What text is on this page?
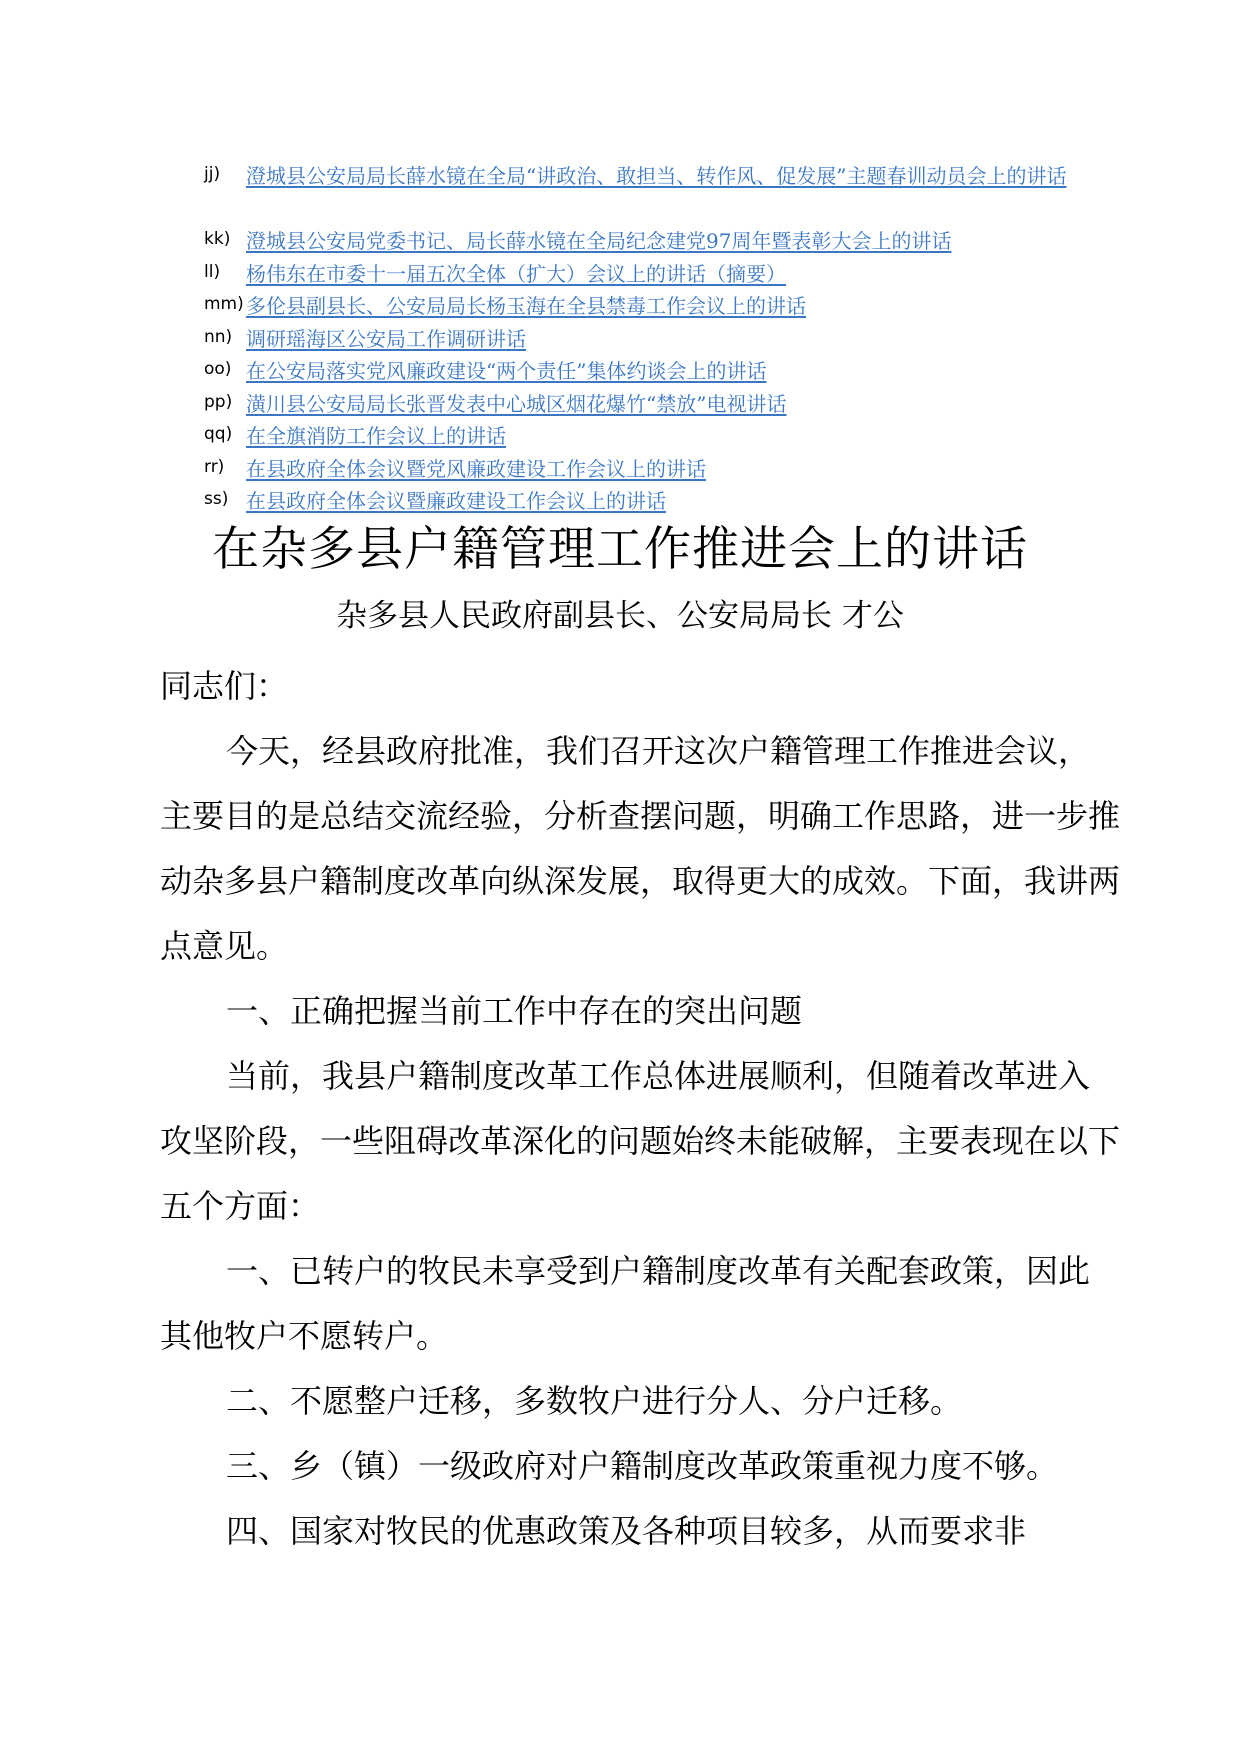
jj) 澄城县公安局局长薛水镜在全局“讲政治、敢担当、转作风、促发展”主题春训动员会上的讲话
kk) 澄城县公安局党委书记、局长薛水镜在全局纪念建党97周年暨表彰大会上的讲话
ll) 杨伟东在市委十一届五次全体（扩大）会议上的讲话（摘要）
mm) 多伦县副县长、公安局局长杨玉海在全县禁毒工作会议上的讲话
nn) 调研瑶海区公安局工作调研讲话
oo) 在公安局落实党风廉政建设“两个责任”集体约谈会上的讲话
pp) 潢川县公安局局长张晋发表中心城区烟花爆竹“禁放”电视讲话
qq) 在全旗消防工作会议上的讲话
rr) 在县政府全体会议暨党风廉政建设工作会议上的讲话
ss) 在县政府全体会议暨廉政建设工作会议上的讲话
在杂多县户籍管理工作推进会上的讲话
杂多县人民政府副县长、公安局局长 才公

同志们：

今天，经县政府批准，我们召开这次户籍管理工作推进会议，主要目的是总结交流经验，分析查摆问题，明确工作思路，进一步推动杂多县户籍制度改革向纵深发展，取得更大的成效。下面，我讲两点意见。

一、正确把握当前工作中存在的突出问题

当前，我县户籍制度改革工作总体进展顺利，但随着改革进入攻坚阶段，一些阻碍改革深化的问题始终未能破解，主要表现在以下五个方面：

一、已转户的牧民未享受到户籍制度改革有关配套政策，因此其他牧户不愿转户。

二、不愿整户迁移，多数牧户进行分人、分户迁移。

三、乡（镇）一级政府对户籍制度改革政策重视力度不够。

四、国家对牧民的优惠政策及各种项目较多，从而要求非
